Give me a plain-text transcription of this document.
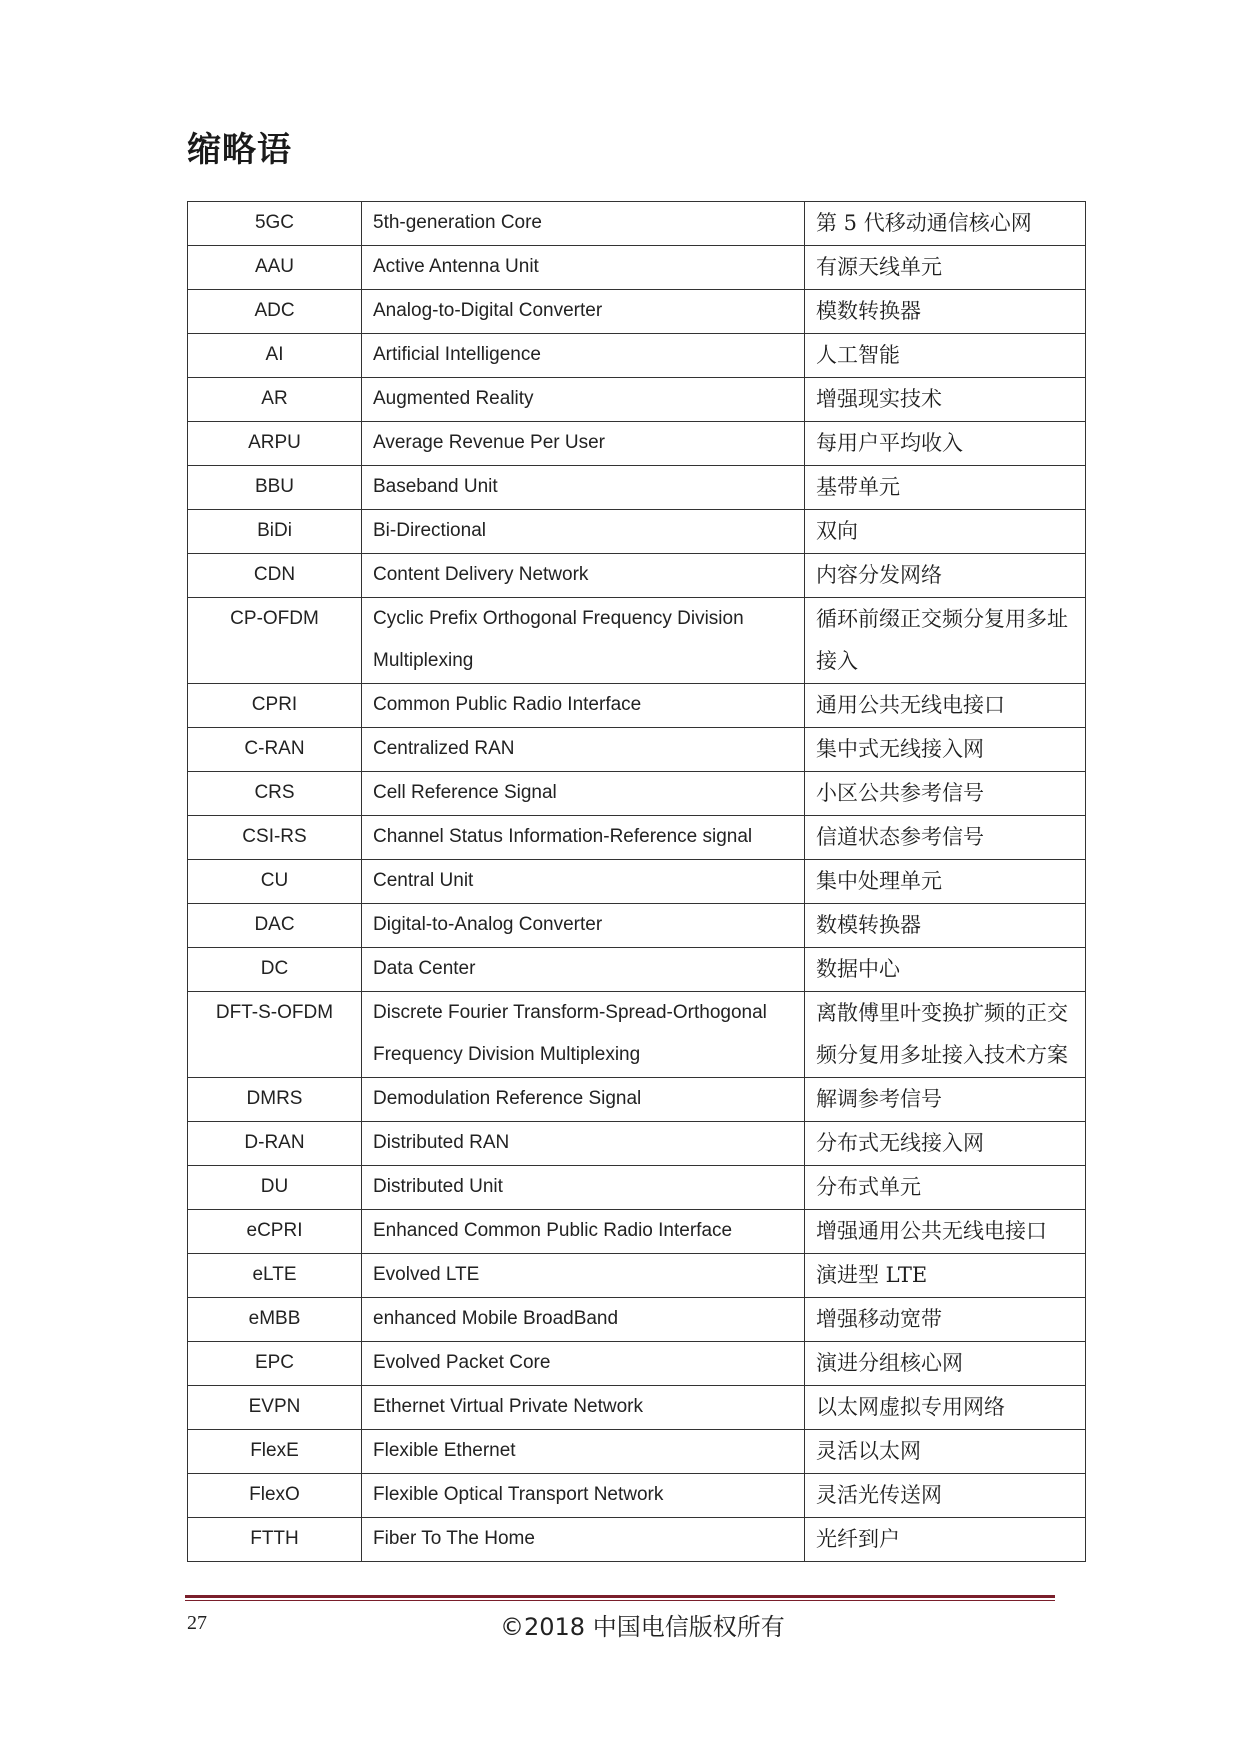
缩略语
5GC	5th-generation Core	第 5 代移动通信核心网
AAU	Active Antenna Unit	有源天线单元
ADC	Analog-to-Digital Converter	模数转换器
AI	Artificial Intelligence	人工智能
AR	Augmented Reality	增强现实技术
ARPU	Average Revenue Per User	每用户平均收入
BBU	Baseband Unit	基带单元
BiDi	Bi-Directional	双向
CDN	Content Delivery Network	内容分发网络
CP-OFDM	Cyclic Prefix Orthogonal Frequency Division Multiplexing	循环前缀正交频分复用多址接入
CPRI	Common Public Radio Interface	通用公共无线电接口
C-RAN	Centralized RAN	集中式无线接入网
CRS	Cell Reference Signal	小区公共参考信号
CSI-RS	Channel Status Information-Reference signal	信道状态参考信号
CU	Central Unit	集中处理单元
DAC	Digital-to-Analog Converter	数模转换器
DC	Data Center	数据中心
DFT-S-OFDM	Discrete Fourier Transform-Spread-Orthogonal Frequency Division Multiplexing	离散傅里叶变换扩频的正交频分复用多址接入技术方案
DMRS	Demodulation Reference Signal	解调参考信号
D-RAN	Distributed RAN	分布式无线接入网
DU	Distributed Unit	分布式单元
eCPRI	Enhanced Common Public Radio Interface	增强通用公共无线电接口
eLTE	Evolved LTE	演进型 LTE
eMBB	enhanced Mobile BroadBand	增强移动宽带
EPC	Evolved Packet Core	演进分组核心网
EVPN	Ethernet Virtual Private Network	以太网虚拟专用网络
FlexE	Flexible Ethernet	灵活以太网
FlexO	Flexible Optical Transport Network	灵活光传送网
FTTH	Fiber To The Home	光纤到户
27	©2018 中国电信版权所有
